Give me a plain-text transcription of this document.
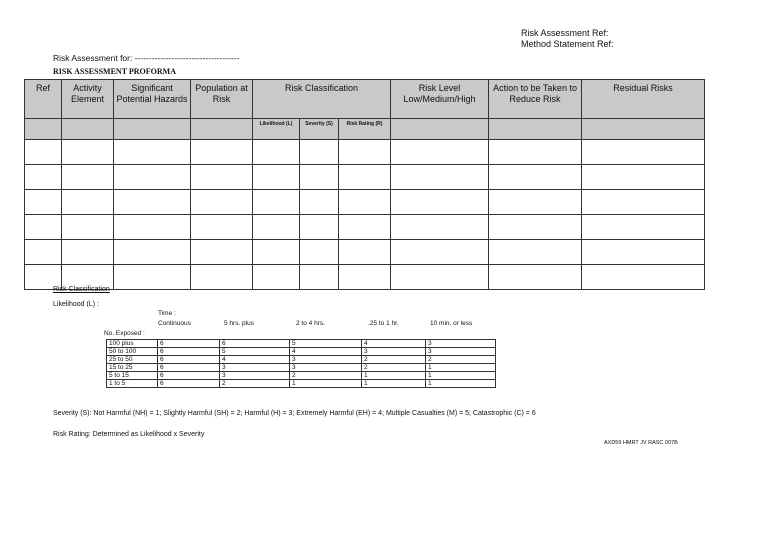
Risk Assessment Ref:
Method Statement Ref:
Risk Assessment for: -------------------------------------
RISK ASSESSMENT PROFORMA
Ref	Activity Element	Significant Potential Hazards	Population at Risk	Risk Classification			Risk Level Low/Medium/High	Action to be Taken to Reduce Risk	Residual Risks
				Likelihood (L)	Severity (S)	Risk Rating (R)			

Risk Classification
Likelihood (L) :
Time :
Continuous	5 hrs. plus	2 to 4 hrs.	.25 to 1 hr.	10 min. or less
No. Exposed :
100 plus	6	6	5	4	3
50 to 100	6	5	4	3	3
25 to 50	6	4	3	2	2
15 to 25	6	3	3	2	1
5 to 15	6	3	2	1	1
1 to 5	6	2	1	1	1
Severity (S): Not Harmful (NH) = 1; Slightly Harmful (SH) = 2; Harmful (H) = 3; Extremely Harmful (EH) = 4; Multiple Casualties (M) = 5; Catastrophic (C) = 6
Risk Rating: Determined as Likelihood x Severity
AXD59 HMRT JV RASC 007B
